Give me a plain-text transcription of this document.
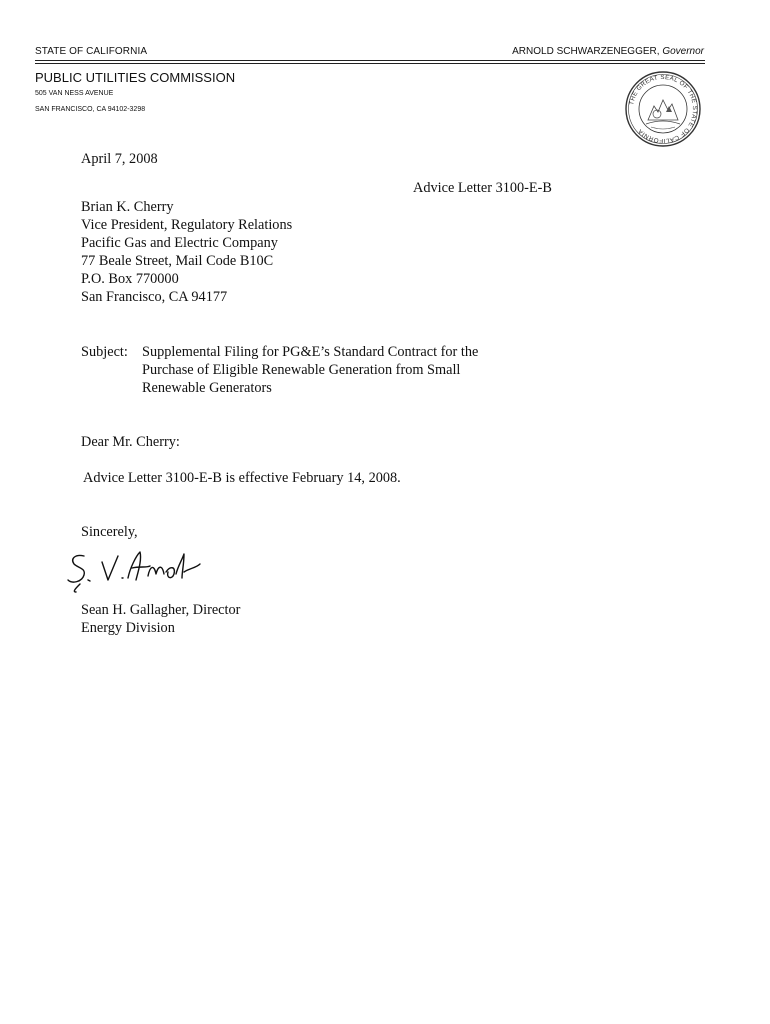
STATE OF CALIFORNIA	ARNOLD SCHWARZENEGGER, Governor
PUBLIC UTILITIES COMMISSION
505 VAN NESS AVENUE
SAN FRANCISCO, CA 94102-3298
THE GREAT SEAL OF THE STATE OF CALIFORNIA
April 7, 2008
Advice Letter 3100-E-B
Brian K. Cherry
Vice President, Regulatory Relations
Pacific Gas and Electric Company
77 Beale Street, Mail Code B10C
P.O. Box 770000
San Francisco, CA 94177
Subject: Supplemental Filing for PG&E’s Standard Contract for the
Purchase of Eligible Renewable Generation from Small
Renewable Generators
Dear Mr. Cherry:
Advice Letter 3100-E-B is effective February 14, 2008.
Sincerely,
Sean H. Gallagher, Director
Energy Division
